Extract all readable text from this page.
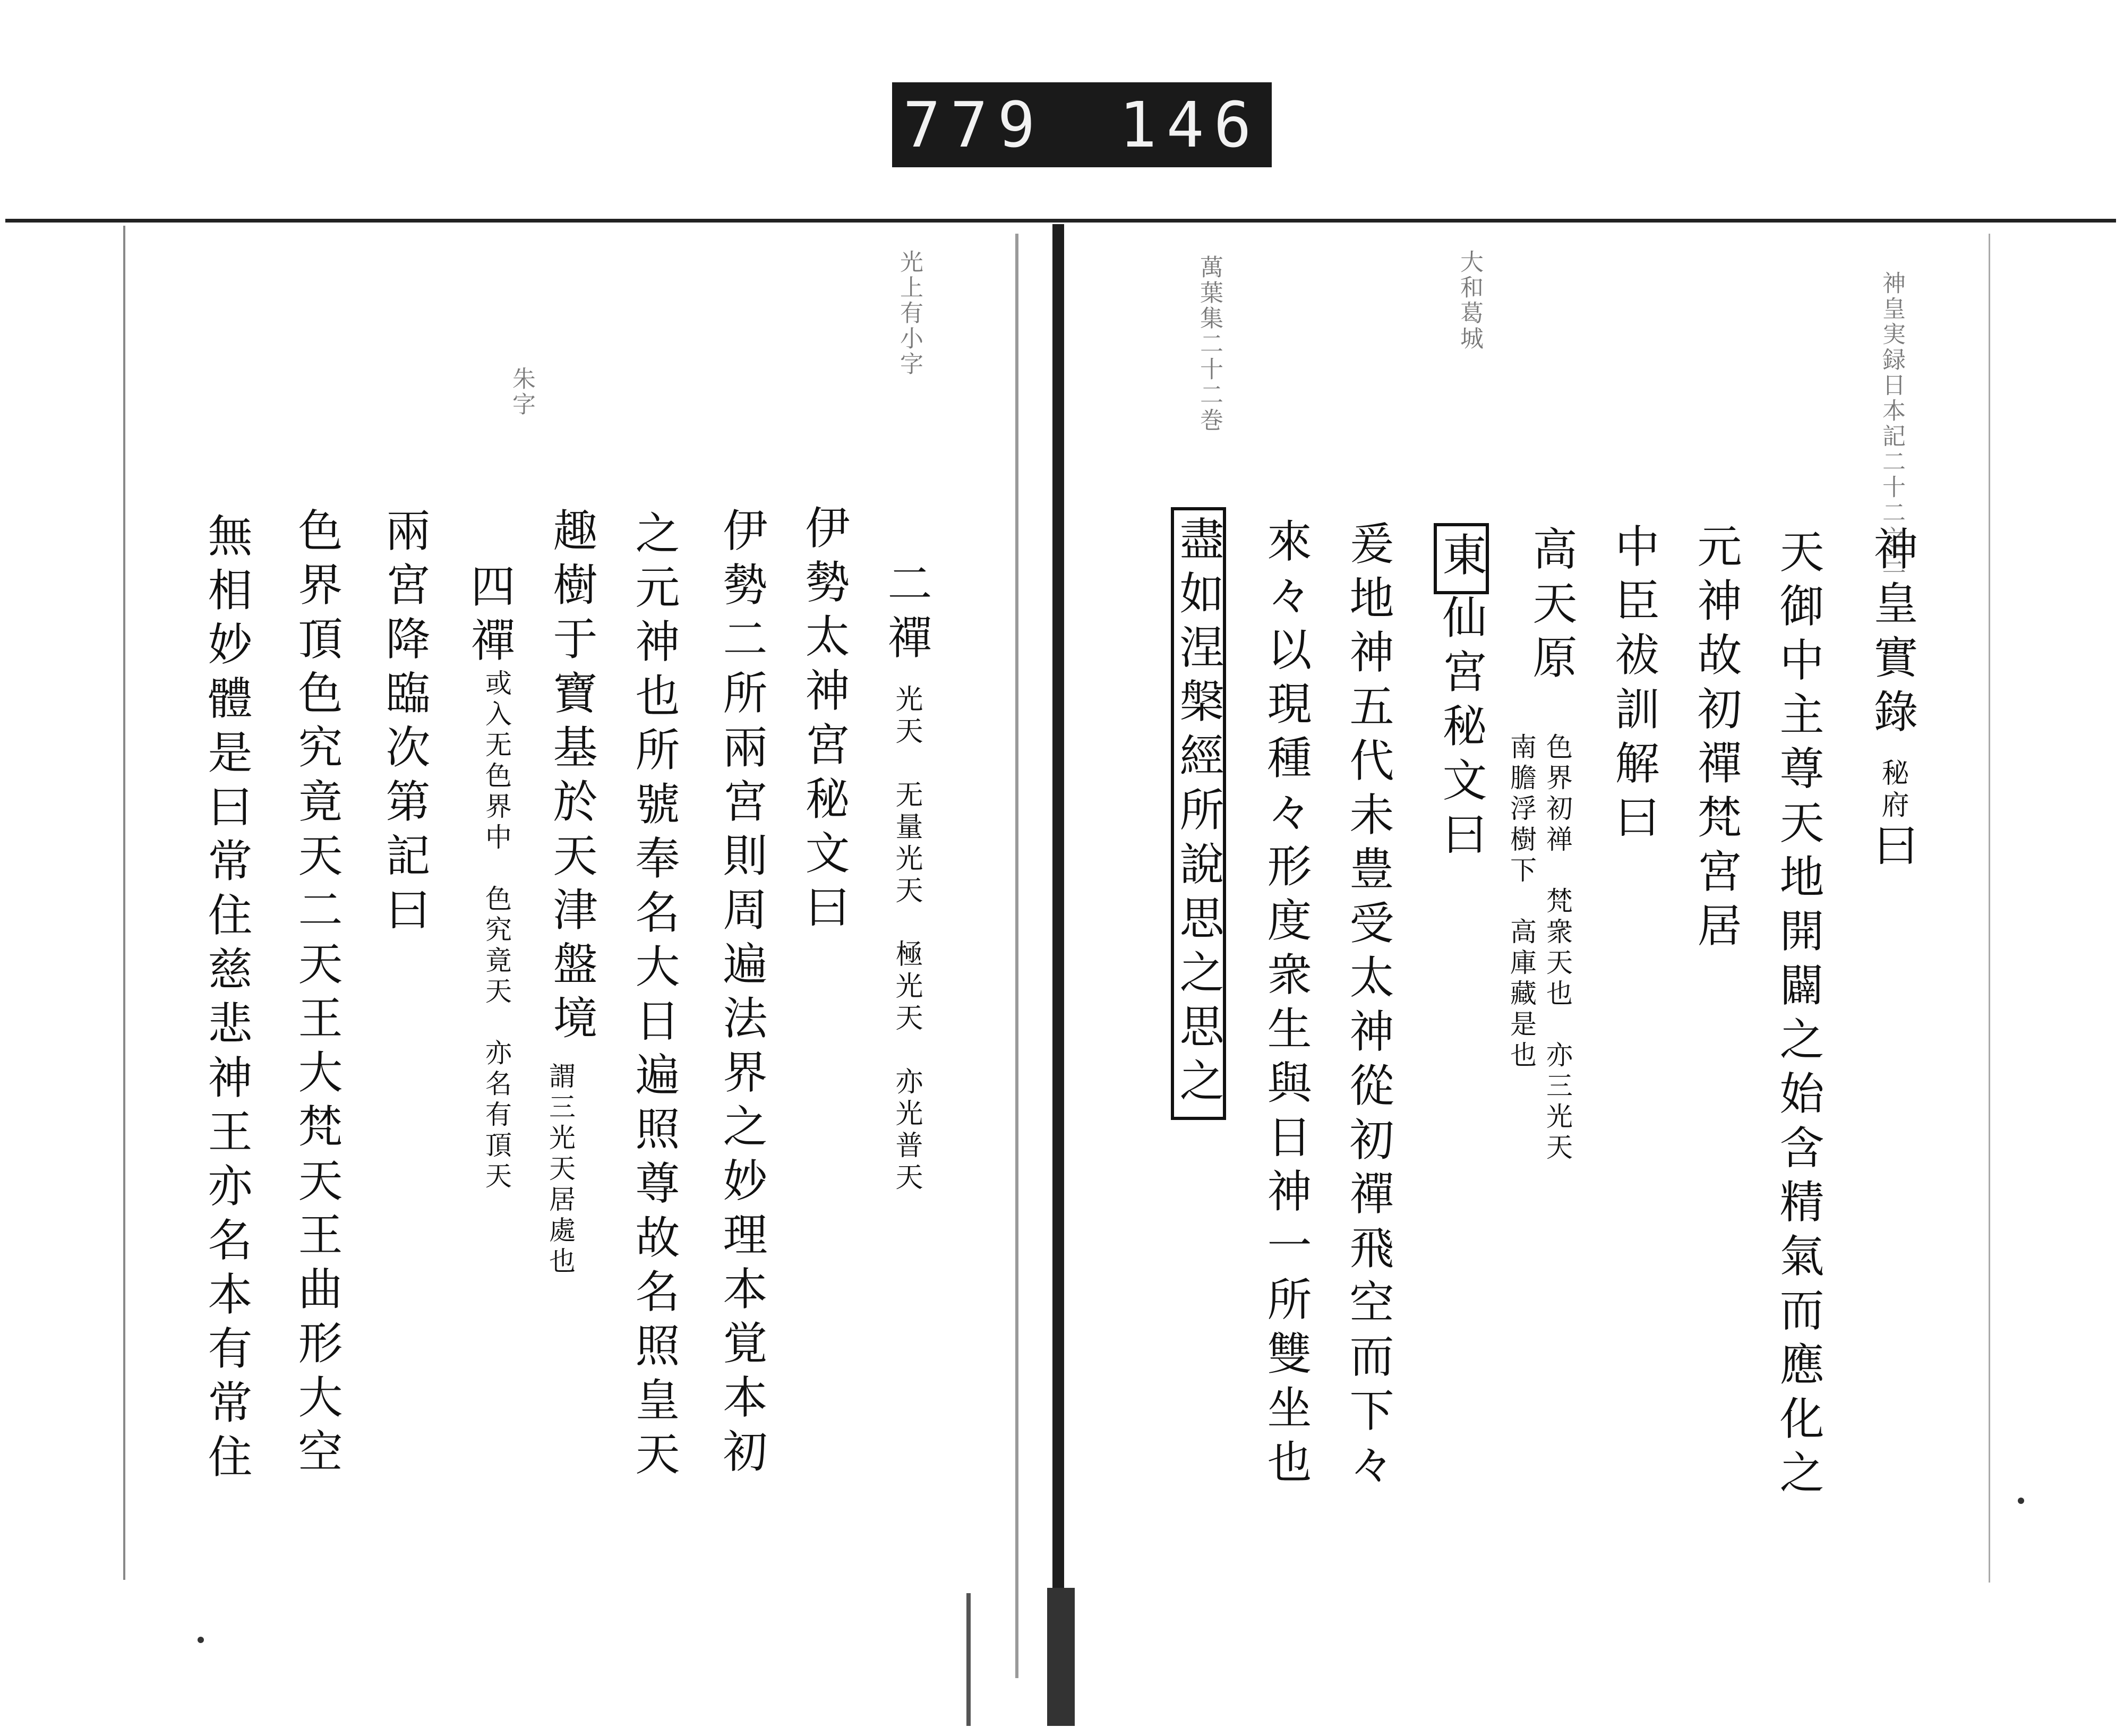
779 146
神皇実録日本記二十二之三
大和葛城
萬葉集二十二巻
神皇實錄秘府曰
天御中主尊天地開闢之始含精氣而應化之
元神故初禪梵宮居
中臣祓訓解曰
高天原
色界初禅　梵衆天也　亦三光天
南膽浮樹下　高庫藏是也
東仙宮秘文曰
爰地神五代未豊受太神從初禪飛空而下々
來々以現種々形度衆生與日神一所雙坐也
盡如涅槃經所說思之思之
光上有小字
朱字
二禪光天　无量光天　極光天　亦光普天
伊勢太神宮秘文曰
伊勢二所兩宮則周遍法界之妙理本覚本初
之元神也所號奉名大日遍照尊故名照皇天
趣樹于寶基於天津盤境
謂三光天居處也
四禪
或入无色界中　色究竟天　亦名有頂天
兩宮降臨次第記曰
色界頂色究竟天二天王大梵天王曲形大空
無相妙體是曰常住慈悲神王亦名本有常住
